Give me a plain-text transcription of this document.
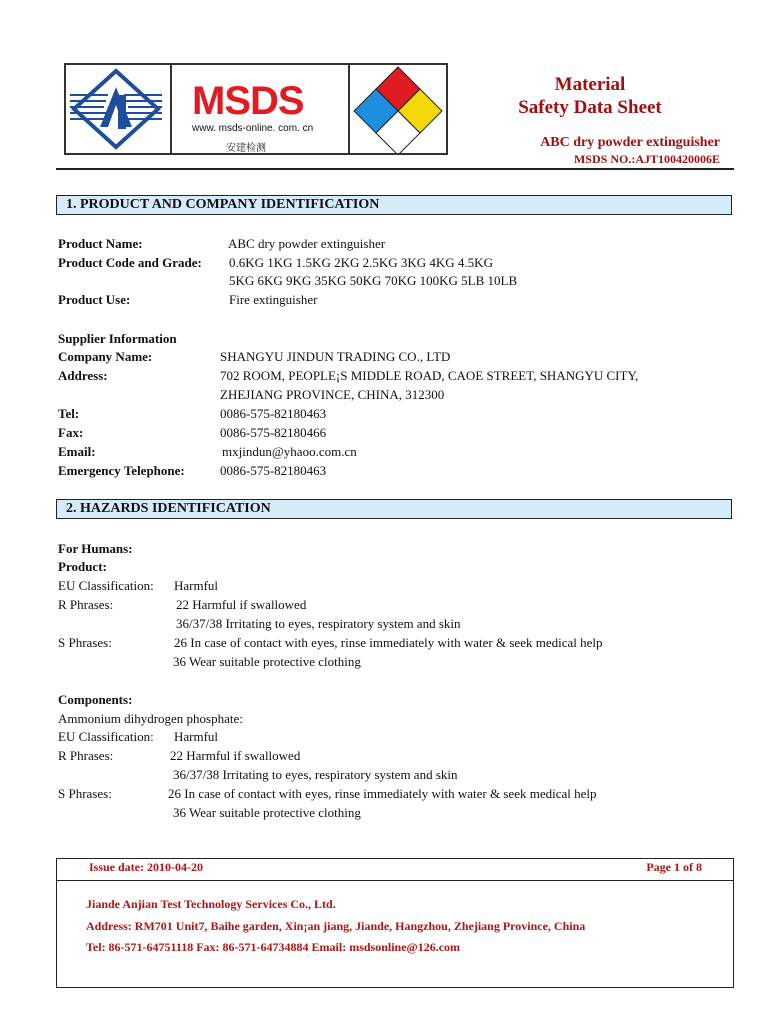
MSDS
www. msds-online. com. cn
安建检测
Material
Safety Data Sheet
ABC dry powder extinguisher
MSDS NO.:AJT100420006E
1. PRODUCT AND COMPANY IDENTIFICATION
Product Name:	ABC dry powder extinguisher
Product Code and Grade: 0.6KG 1KG 1.5KG 2KG 2.5KG 3KG 4KG 4.5KG
5KG 6KG 9KG 35KG 50KG 70KG 100KG 5LB 10LB
Product Use:	Fire extinguisher
Supplier Information
Company Name:	SHANGYU JINDUN TRADING CO., LTD
Address:	702 ROOM, PEOPLE¡S MIDDLE ROAD, CAOE STREET, SHANGYU CITY,
ZHEJIANG PROVINCE, CHINA, 312300
Tel:	0086-575-82180463
Fax:	0086-575-82180466
Email:	mxjindun@yhaoo.com.cn
Emergency Telephone:	0086-575-82180463
2. HAZARDS IDENTIFICATION
For Humans:
Product:
EU Classification: Harmful
R Phrases:	22 Harmful if swallowed
36/37/38 Irritating to eyes, respiratory system and skin
S Phrases:	26 In case of contact with eyes, rinse immediately with water & seek medical help
36 Wear suitable protective clothing
Components:
Ammonium dihydrogen phosphate:
EU Classification: Harmful
R Phrases:	22 Harmful if swallowed
36/37/38 Irritating to eyes, respiratory system and skin
S Phrases:	26 In case of contact with eyes, rinse immediately with water & seek medical help
36 Wear suitable protective clothing
Issue date: 2010-04-20	Page 1 of 8
Jiande Anjian Test Technology Services Co., Ltd.
Address: RM701 Unit7, Baihe garden, Xin¡an jiang, Jiande, Hangzhou, Zhejiang Province, China
Tel: 86-571-64751118 Fax: 86-571-64734884 Email: msdsonline@126.com
